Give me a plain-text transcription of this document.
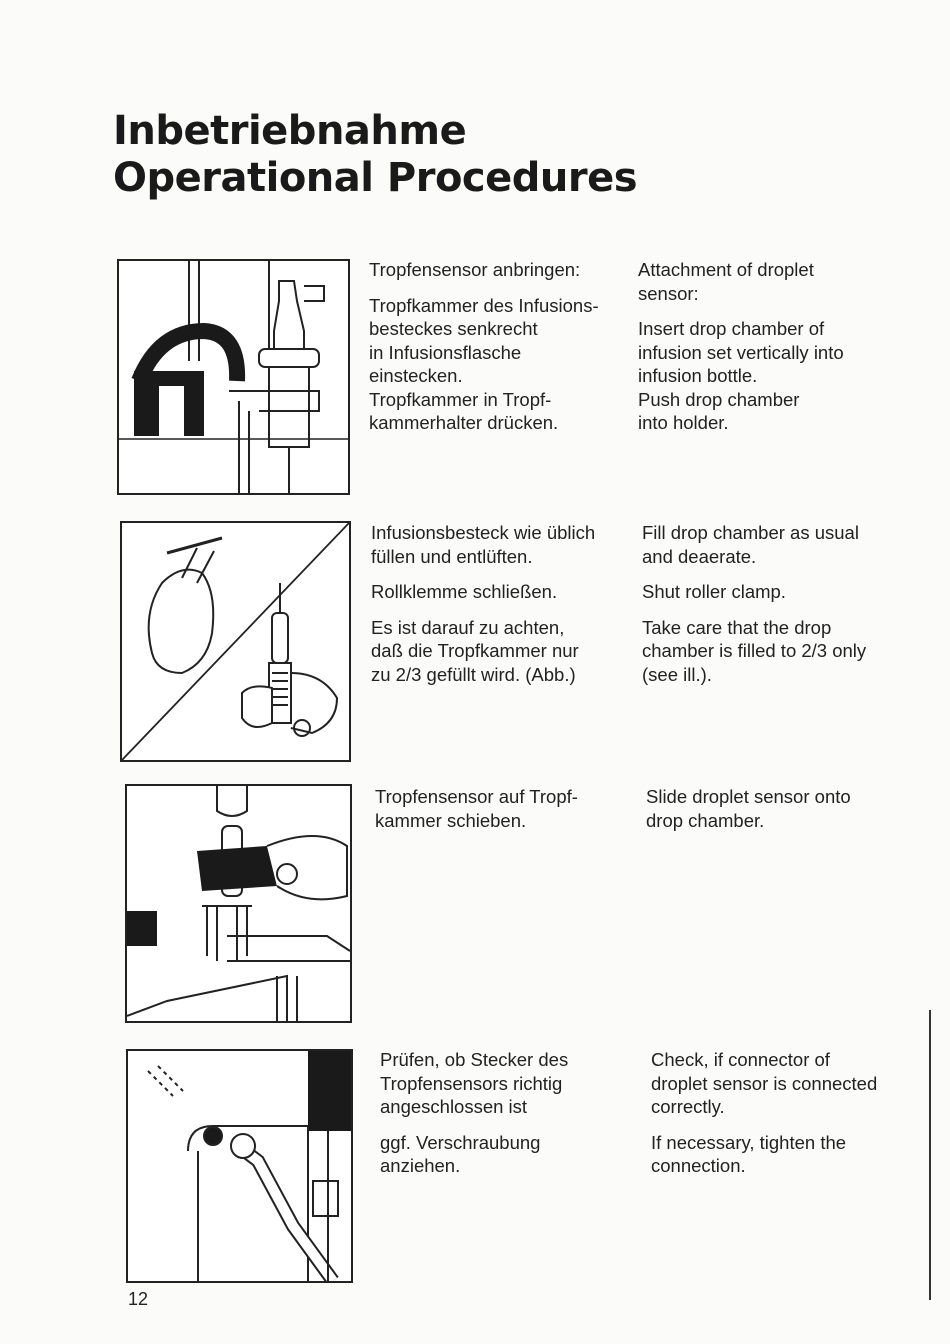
Inbetriebnahme
Operational Procedures

Tropfensensor anbringen:

Tropfkammer des Infusions-
besteckes senkrecht
in Infusionsflasche
einstecken.
Tropfkammer in Tropf-
kammerhalter drücken.

Attachment of droplet
sensor:

Insert drop chamber of
infusion set vertically into
infusion bottle.
Push drop chamber
into holder.

Infusionsbesteck wie üblich
füllen und entlüften.

Rollklemme schließen.

Es ist darauf zu achten,
daß die Tropfkammer nur
zu 2/3 gefüllt wird. (Abb.)

Fill drop chamber as usual
and deaerate.

Shut roller clamp.

Take care that the drop
chamber is filled to 2/3 only
(see ill.).

Tropfensensor auf Tropf-
kammer schieben.

Slide droplet sensor onto
drop chamber.

Prüfen, ob Stecker des
Tropfensensors richtig
angeschlossen ist

ggf. Verschraubung
anziehen.

Check, if connector of
droplet sensor is connected
correctly.

If necessary, tighten the
connection.

12
